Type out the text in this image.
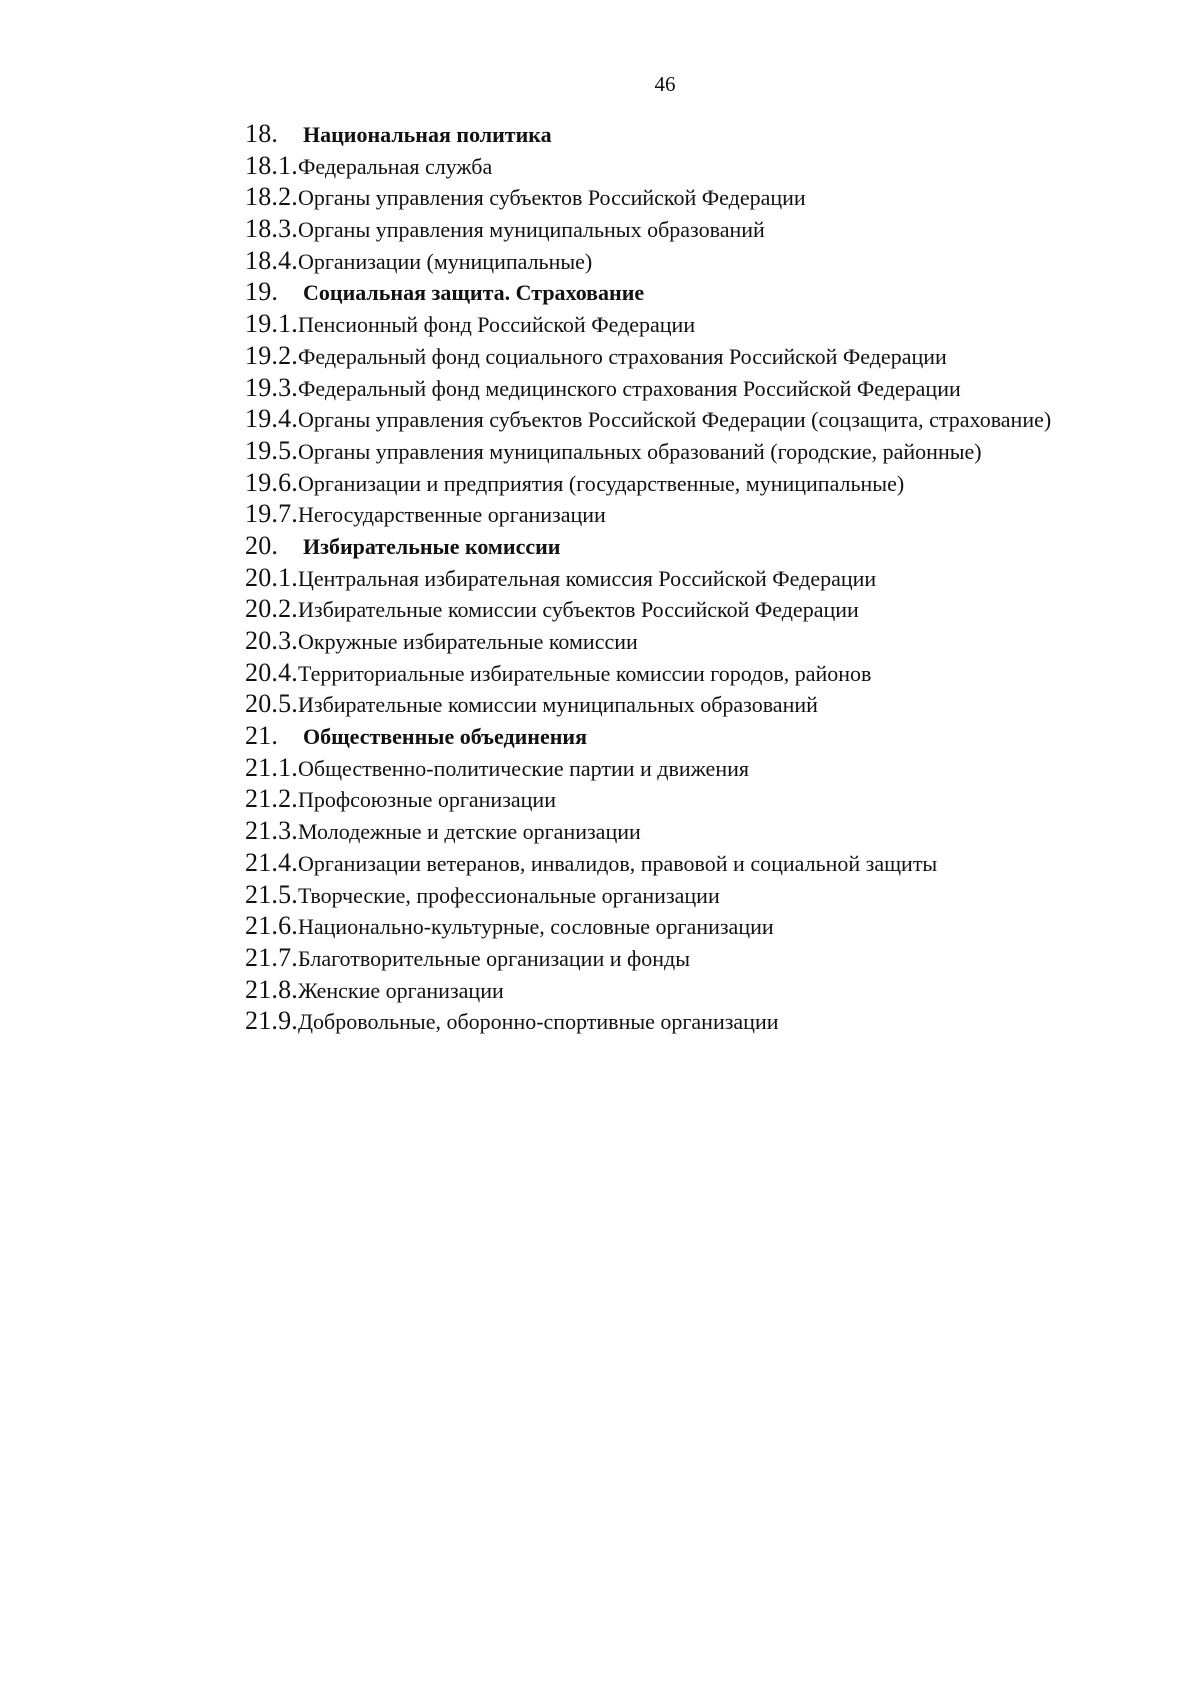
46
18.	Национальная политика
18.1. Федеральная служба
18.2. Органы управления субъектов Российской Федерации
18.3. Органы управления муниципальных образований
18.4. Организации (муниципальные)
19.	Социальная защита. Страхование
19.1. Пенсионный фонд Российской Федерации
19.2. Федеральный фонд социального страхования Российской Федерации
19.3. Федеральный фонд медицинского страхования Российской Федерации
19.4. Органы управления субъектов Российской Федерации (соцзащита, страхование)
19.5. Органы управления муниципальных образований (городские, районные)
19.6. Организации и предприятия (государственные, муниципальные)
19.7. Негосударственные организации
20.	Избирательные комиссии
20.1. Центральная избирательная комиссия Российской Федерации
20.2. Избирательные комиссии субъектов Российской Федерации
20.3. Окружные избирательные комиссии
20.4. Территориальные избирательные комиссии городов, районов
20.5. Избирательные комиссии муниципальных образований
21.	Общественные объединения
21.1. Общественно-политические партии и движения
21.2. Профсоюзные организации
21.3. Молодежные и детские организации
21.4. Организации ветеранов, инвалидов, правовой и социальной защиты
21.5. Творческие, профессиональные организации
21.6. Национально-культурные, сословные организации
21.7. Благотворительные организации и фонды
21.8. Женские организации
21.9. Добровольные, оборонно-спортивные организации
